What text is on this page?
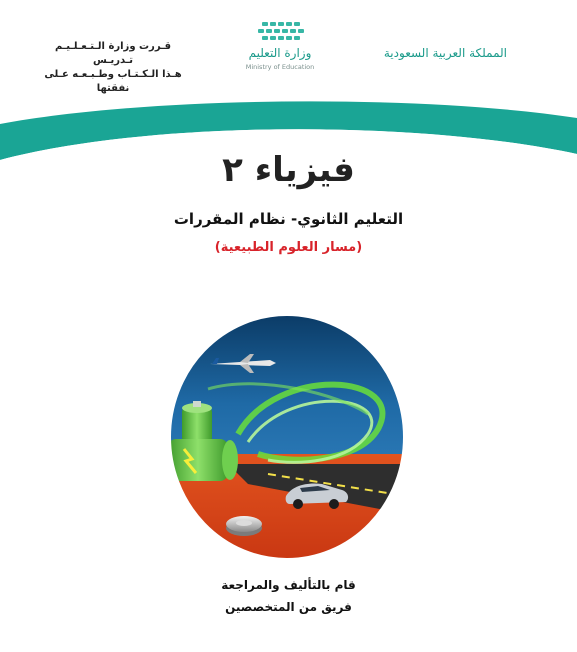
المملكة العربية السعودية
وزارة التعليم
Ministry of Education
قـررت وزارة الـتـعـلـيـم تـدريـس
هـذا الـكـتـاب وطـبـعـه عـلى نفقتها
فيزياء ٢
التعليم الثانوي- نظام المقررات
(مسار العلوم الطبيعية)
قام بالتأليف والمراجعة
فريق من المتخصصين
